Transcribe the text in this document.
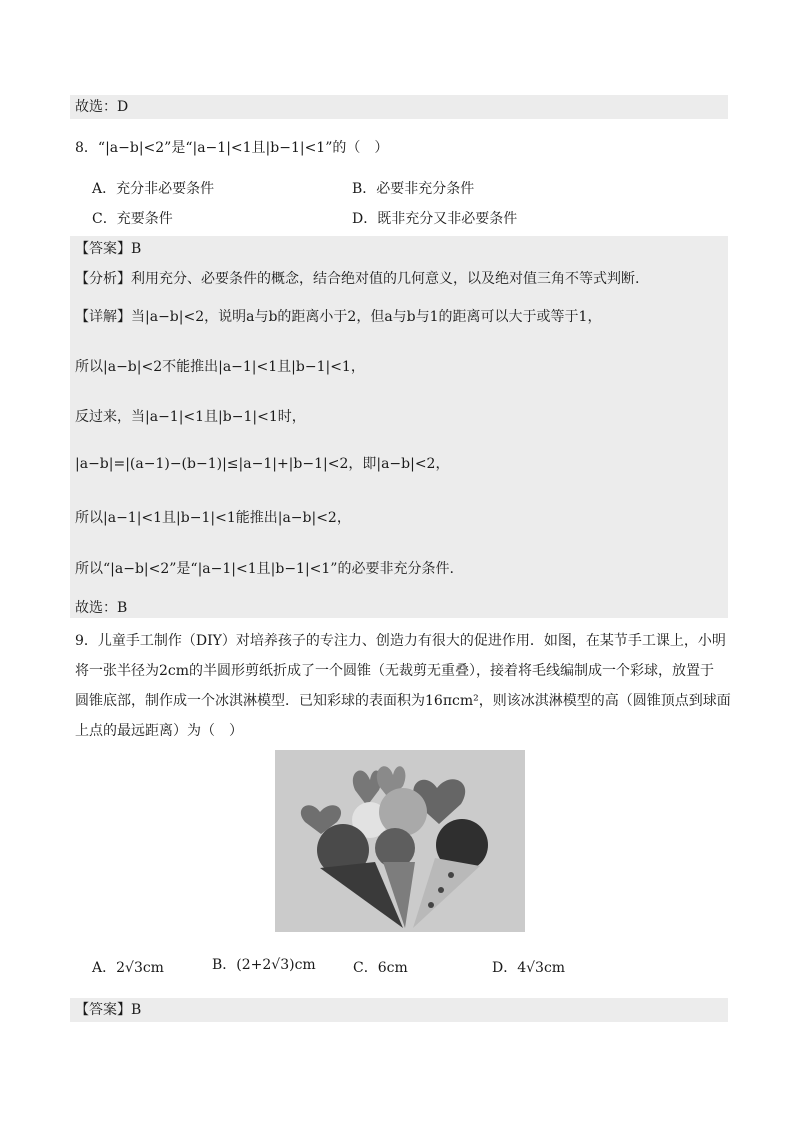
故选：D
8．“|a−b|<2”是“|a−1|<1且|b−1|<1”的（　）
A．充分非必要条件	B．必要非充分条件
C．充要条件	D．既非充分又非必要条件
【答案】B
【分析】利用充分、必要条件的概念，结合绝对值的几何意义，以及绝对值三角不等式判断.
【详解】当|a−b|<2，说明a与b的距离小于2，但a与b与1的距离可以大于或等于1，
所以|a−b|<2不能推出|a−1|<1且|b−1|<1，
反过来，当|a−1|<1且|b−1|<1时，
|a−b|=|(a−1)−(b−1)|≤|a−1|+|b−1|<2，即|a−b|<2，
所以|a−1|<1且|b−1|<1能推出|a−b|<2，
所以“|a−b|<2”是“|a−1|<1且|b−1|<1”的必要非充分条件.
故选：B
9．儿童手工制作（DIY）对培养孩子的专注力、创造力有很大的促进作用．如图，在某节手工课上，小明
将一张半径为2cm的半圆形剪纸折成了一个圆锥（无裁剪无重叠），接着将毛线编制成一个彩球，放置于
圆锥底部，制作成一个冰淇淋模型．已知彩球的表面积为16πcm²，则该冰淇淋模型的高（圆锥顶点到球面
上点的最远距离）为（　）
A．2√3cm	B．(2+2√3)cm	C．6cm	D．4√3cm
【答案】B
